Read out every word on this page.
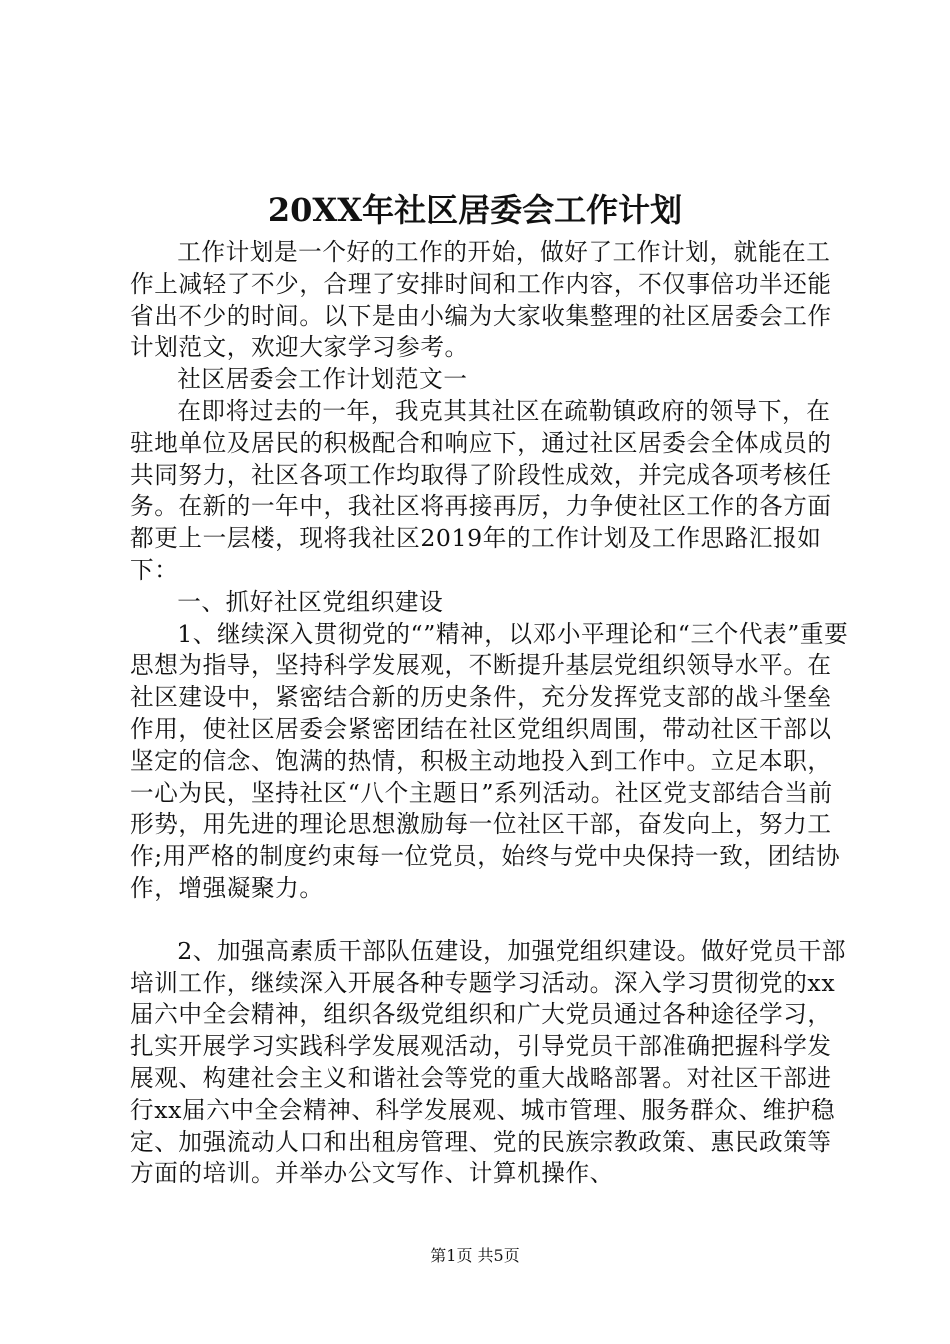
20XX年社区居委会工作计划

工作计划是一个好的工作的开始，做好了工作计划，就能在工作上减轻了不少，合理了安排时间和工作内容，不仅事倍功半还能省出不少的时间。以下是由小编为大家收集整理的社区居委会工作计划范文，欢迎大家学习参考。

社区居委会工作计划范文一

在即将过去的一年，我克其其社区在疏勒镇政府的领导下，在驻地单位及居民的积极配合和响应下，通过社区居委会全体成员的共同努力，社区各项工作均取得了阶段性成效，并完成各项考核任务。在新的一年中，我社区将再接再厉，力争使社区工作的各方面都更上一层楼，现将我社区2019年的工作计划及工作思路汇报如下：

一、抓好社区党组织建设

1、继续深入贯彻党的“”精神，以邓小平理论和“三个代表”重要思想为指导，坚持科学发展观，不断提升基层党组织领导水平。在社区建设中，紧密结合新的历史条件，充分发挥党支部的战斗堡垒作用，使社区居委会紧密团结在社区党组织周围，带动社区干部以坚定的信念、饱满的热情，积极主动地投入到工作中。立足本职，一心为民，坚持社区“八个主题日”系列活动。社区党支部结合当前形势，用先进的理论思想激励每一位社区干部，奋发向上，努力工作;用严格的制度约束每一位党员，始终与党中央保持一致，团结协作，增强凝聚力。

2、加强高素质干部队伍建设，加强党组织建设。做好党员干部培训工作，继续深入开展各种专题学习活动。深入学习贯彻党的xx届六中全会精神，组织各级党组织和广大党员通过各种途径学习，扎实开展学习实践科学发展观活动，引导党员干部准确把握科学发展观、构建社会主义和谐社会等党的重大战略部署。对社区干部进行xx届六中全会精神、科学发展观、城市管理、服务群众、维护稳定、加强流动人口和出租房管理、党的民族宗教政策、惠民政策等方面的培训。并举办公文写作、计算机操作、

第1页 共5页
